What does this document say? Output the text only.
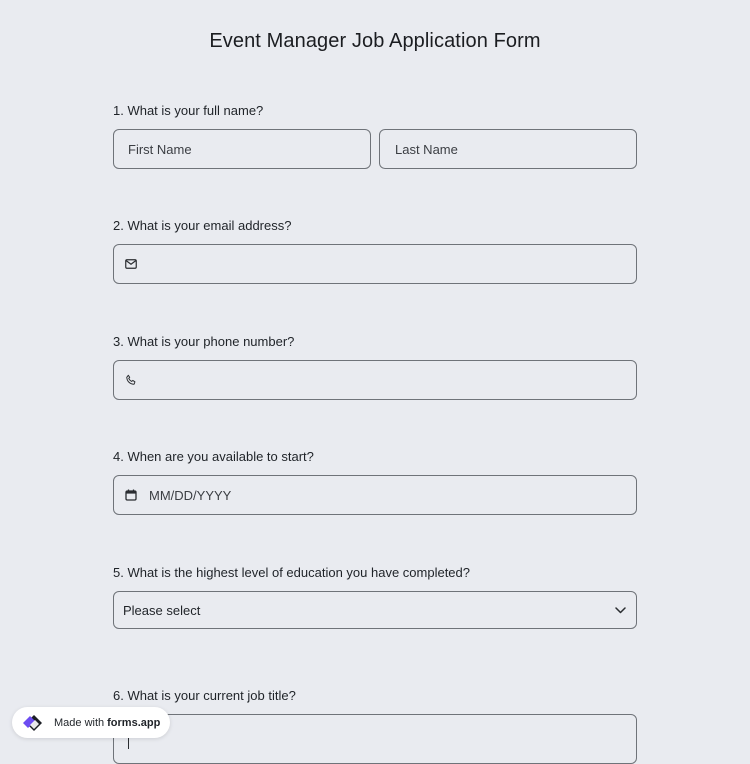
Event Manager Job Application Form
1. What is your full name?
First Name	Last Name
2. What is your email address?
3. What is your phone number?
4. When are you available to start?
MM/DD/YYYY
5. What is the highest level of education you have completed?
Please select
6. What is your current job title?
Made with forms.app
